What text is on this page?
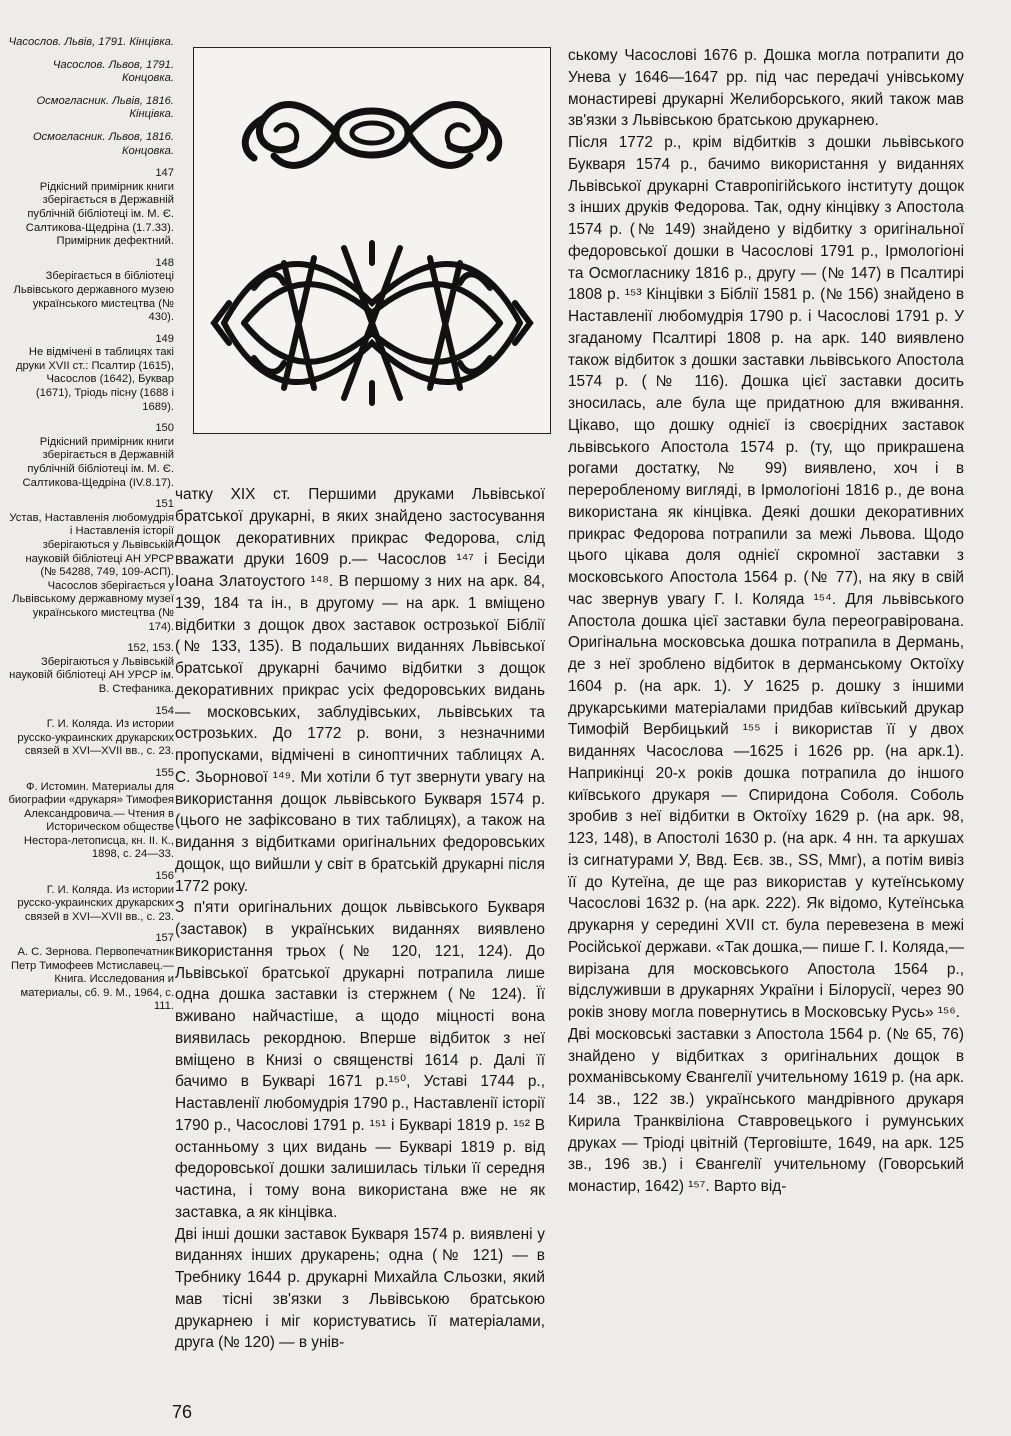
Часослов. Львів, 1791. Кінцівка.
Часослов. Львов, 1791. Концовка.
Осмогласник. Львів, 1816. Кінцівка.
Осмогласник. Львов, 1816. Концовка.
147
Рідкісний примірник книги зберігається в Державній публічній бібліотеці ім. М. Є. Салтикова-Щедріна (1.7.33). Примірник дефектний.
148
Зберігається в бібліотеці Львівського державного музею українського мистецтва (№ 430).
149
Не відмічені в таблицях такі друки XVII ст.: Псалтир (1615), Часослов (1642), Буквар (1671), Тріодь пісну (1688 і 1689).
150
Рідкісний примірник книги зберігається в Державній публічній бібліотеці ім. М. Є. Салтикова-Щедріна (IV.8.17).
151
Устав, Наставленія любомудрія і Наставленія історії зберігаються у Львівській науковій бібліотеці АН УРСР (№ 54288, 749, 109-АСП). Часослов зберігається у Львівському державному музеї українського мистецтва (№ 174).
152, 153.
Зберігаються у Львівській науковій бібліотеці АН УРСР ім. В. Стефаника.
154
Г. И. Коляда. Из истории русско-украинских друкарских связей в XVI—XVII вв., с. 23.
155
Ф. Истомин. Материалы для биографии «друкаря» Тимофея Александровича.— Чтения в Историческом обществе Нестора-летописца, кн. II. К., 1898, с. 24—33.
156
Г. И. Коляда. Из истории русско-украинских друкарских связей в XVI—XVII вв., с. 23.
157
А. С. Зернова. Первопечатник Петр Тимофеев Мстиславец.— Книга. Исследования и материалы, сб. 9. М., 1964, с. 111.

чатку XIX ст. Першими друками Львівської братської друкарні, в яких знайдено застосування дощок декоративних прикрас Федорова, слід вважати друки 1609 р.— Часослов ¹⁴⁷ і Бесіди Іоана Златоустого ¹⁴⁸. В першому з них на арк. 84, 139, 184 та ін., в другому — на арк. 1 вміщено відбитки з дощок двох заставок острозької Біблії (№ 133, 135). В подальших виданнях Львівської братської друкарні бачимо відбитки з дощок декоративних прикрас усіх федоровських видань — московських, заблудівських, львівських та острозьких. До 1772 р. вони, з незначними пропусками, відмічені в синоптичних таблицях А. С. Зьорнової ¹⁴⁹. Ми хотіли б тут звернути увагу на використання дощок львівського Букваря 1574 р. (цього не зафіксовано в тих таблицях), а також на видання з відбитками оригінальних федоровських дощок, що вийшли у світ в братській друкарні після 1772 року.

З п'яти оригінальних дощок львівського Букваря (заставок) в українських виданнях виявлено використання трьох (№ 120, 121, 124). До Львівської братської друкарні потрапила лише одна дошка заставки із стержнем (№ 124). Її вживано найчастіше, а щодо міцності вона виявилась рекордною. Вперше відбиток з неї вміщено в Книзі о священстві 1614 р. Далі її бачимо в Букварі 1671 р.¹⁵⁰, Уставі 1744 р., Наставленії любомудрія 1790 р., Наставленії історії 1790 р., Часослові 1791 р. ¹⁵¹ і Букварі 1819 р. ¹⁵² В останньому з цих видань — Букварі 1819 р. від федоровської дошки залишилась тільки її середня частина, і тому вона використана вже не як заставка, а як кінцівка.

Дві інші дошки заставок Букваря 1574 р. виявлені у виданнях інших друкарень; одна (№ 121) — в Требнику 1644 р. друкарні Михайла Сльозки, який мав тісні зв'язки з Львівською братською друкарнею і міг користуватись її матеріалами, друга (№ 120) — в унів-

ському Часослові 1676 р. Дошка могла потрапити до Унева у 1646—1647 рр. під час передачі унівському монастиреві друкарні Желиборського, який також мав зв'язки з Львівською братською друкарнею.

Після 1772 р., крім відбитків з дошки львівського Букваря 1574 р., бачимо використання у виданнях Львівської друкарні Ставропігійського інституту дощок з інших друків Федорова. Так, одну кінцівку з Апостола 1574 р. (№ 149) знайдено у відбитку з оригінальної федоровської дошки в Часослові 1791 р., Ірмологіоні та Осмогласнику 1816 р., другу — (№ 147) в Псалтирі 1808 р. ¹⁵³ Кінцівки з Біблії 1581 р. (№ 156) знайдено в Наставленії любомудрія 1790 р. і Часослові 1791 р. У згаданому Псалтирі 1808 р. на арк. 140 виявлено також відбиток з дошки заставки львівського Апостола 1574 р. (№ 116). Дошка цієї заставки досить зносилась, але була ще придатною для вживання. Цікаво, що дошку однієї із своєрідних заставок львівського Апостола 1574 р. (ту, що прикрашена рогами достатку, № 99) виявлено, хоч і в переробленому вигляді, в Ірмологіоні 1816 р., де вона використана як кінцівка. Деякі дошки декоративних прикрас Федорова потрапили за межі Львова. Щодо цього цікава доля однієї скромної заставки з московського Апостола 1564 р. (№ 77), на яку в свій час звернув увагу Г. І. Коляда ¹⁵⁴. Для львівського Апостола дошка цієї заставки була переогравірована. Оригінальна московська дошка потрапила в Дермань, де з неї зроблено відбиток в дерманському Октоїху 1604 р. (на арк. 1). У 1625 р. дошку з іншими друкарськими матеріалами придбав київський друкар Тимофій Вербицький ¹⁵⁵ і використав її у двох виданнях Часослова —1625 і 1626 рр. (на арк.1). Наприкінці 20-х років дошка потрапила до іншого київського друкаря — Спиридона Соболя. Соболь зробив з неї відбитки в Октоїху 1629 р. (на арк. 98, 123, 148), в Апостолі 1630 р. (на арк. 4 нн. та аркушах із сигнатурами У, Ввд. Еєв. зв., SS, Ммг), а потім вивіз її до Кутеїна, де ще раз використав у кутеїнському Часослові 1632 р. (на арк. 222). Як відомо, Кутеїнська друкарня у середині XVII ст. була перевезена в межі Російської держави. «Так дошка,— пише Г. І. Коляда,— вирізана для московського Апостола 1564 р., відслуживши в друкарнях України і Білорусії, через 90 років знову могла повернутись в Московську Русь» ¹⁵⁶.

Дві московські заставки з Апостола 1564 р. (№ 65, 76) знайдено у відбитках з оригінальних дощок в рохманівському Євангелії учительному 1619 р. (на арк. 14 зв., 122 зв.) українського мандрівного друкаря Кирила Транквіліона Ставровецького і румунських друках — Тріоді цвітній (Терговіште, 1649, на арк. 125 зв., 196 зв.) і Євангелії учительному (Говорський монастир, 1642) ¹⁵⁷. Варто від-

76
